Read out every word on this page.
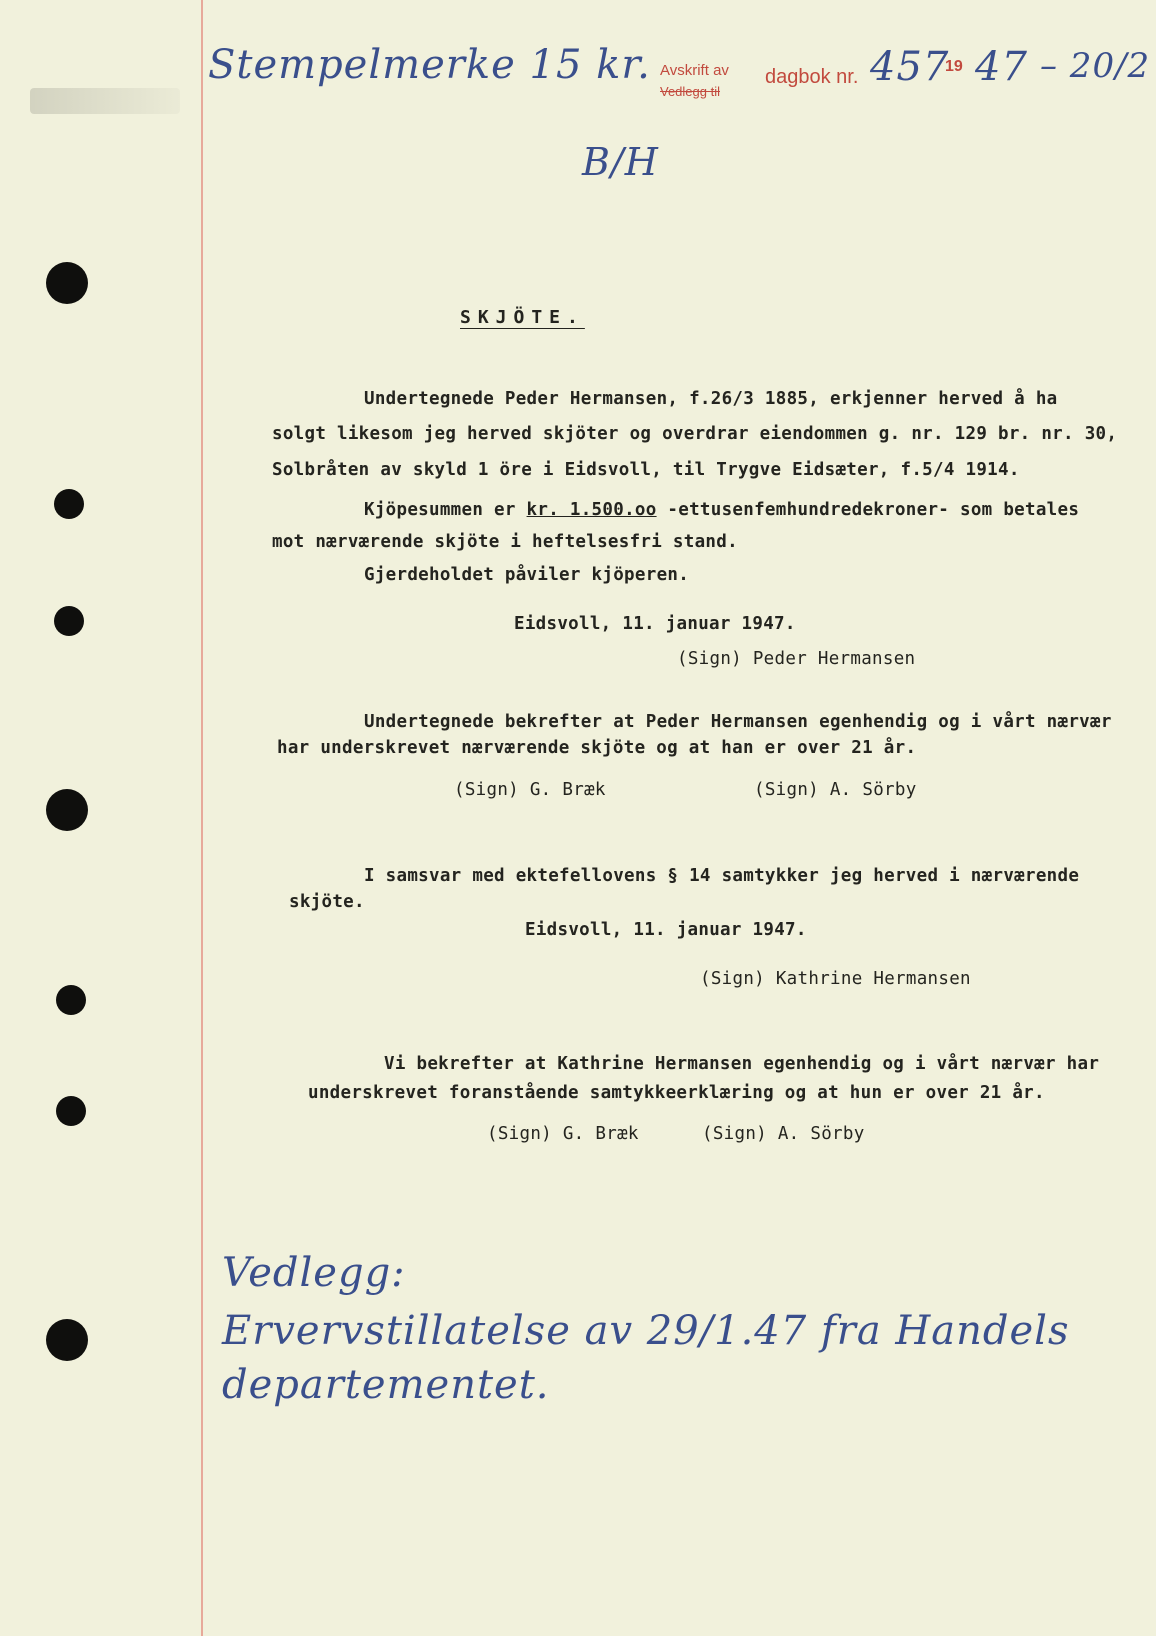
Stempelmerke 15 kr. Avskrift av
Vedlegg til
dagbok nr. 457
19 47 – 20/2
B/H
SKJÖTE.
Undertegnede Peder Hermansen, f.26/3 1885, erkjenner herved å ha
solgt likesom jeg herved skjöter og overdrar eiendommen g. nr. 129 br. nr. 30,
Solbråten av skyld 1 öre i Eidsvoll, til Trygve Eidsæter, f.5/4 1914.
Kjöpesummen er kr. 1.500.oo -ettusenfemhundredekroner- som betales
mot nærværende skjöte i heftelsesfri stand.
Gjerdeholdet påviler kjöperen.
Eidsvoll, 11. januar 1947.
(Sign) Peder Hermansen
Undertegnede bekrefter at Peder Hermansen egenhendig og i vårt nærvær
har underskrevet nærværende skjöte og at han er over 21 år.
(Sign) G. Bræk	(Sign) A. Sörby
I samsvar med ektefellovens § 14 samtykker jeg herved i nærværende
skjöte.
Eidsvoll, 11. januar 1947.
(Sign) Kathrine Hermansen
Vi bekrefter at Kathrine Hermansen egenhendig og i vårt nærvær har
underskrevet foranstående samtykkeerklæring og at hun er over 21 år.
(Sign) G. Bræk	(Sign) A. Sörby
Vedlegg:
Ervervstillatelse av 29/1.47 fra Handels
departementet.
